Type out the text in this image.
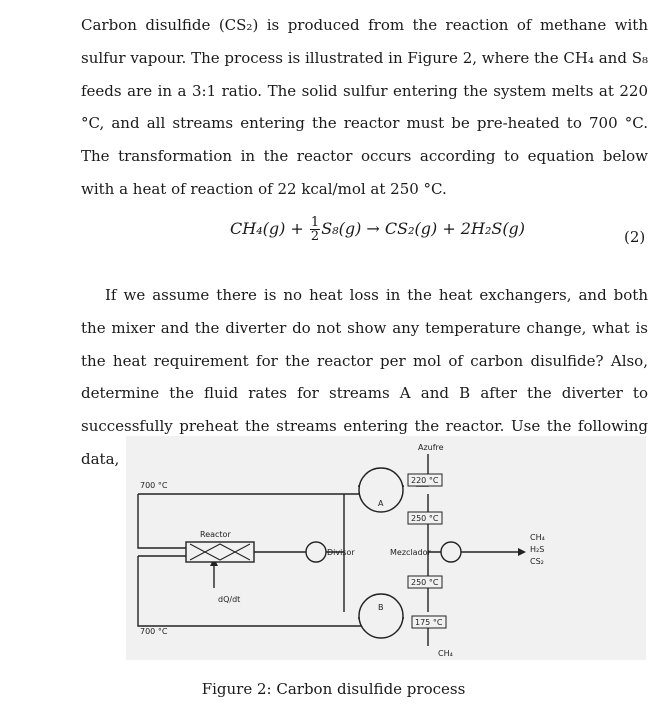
Carbon disulfide (CS₂) is produced from the reaction of methane with sulfur vapour. The process is illustrated in Figure 2, where the CH₄ and S₈ feeds are in a 3:1 ratio. The solid sulfur entering the system melts at 220 °C, and all streams entering the reactor must be pre-heated to 700 °C. The transformation in the reactor occurs according to equation below with a heat of reaction of 22 kcal/mol at 250 °C.

$CH_4(g) + \frac{1}{2} S_8(g) \to CS_2(g) + 2H_2S(g)$	(2)

If we assume there is no heat loss in the heat exchangers, and both the mixer and the diverter do not show any temperature change, what is the heat requirement for the reactor per mol of carbon disulfide? Also, determine the fluid rates for streams A and B after the diverter to successfully preheat the streams entering the reactor. Use the following data,

Azufre
220 °C
A
700 °C
250 °C
Reactor
Divisor	Mezclador
CH₄
H₂S
CS₂
250 °C
dQ/dt
B
175 °C
700 °C
CH₄
Figure 2: Carbon disulfide process
